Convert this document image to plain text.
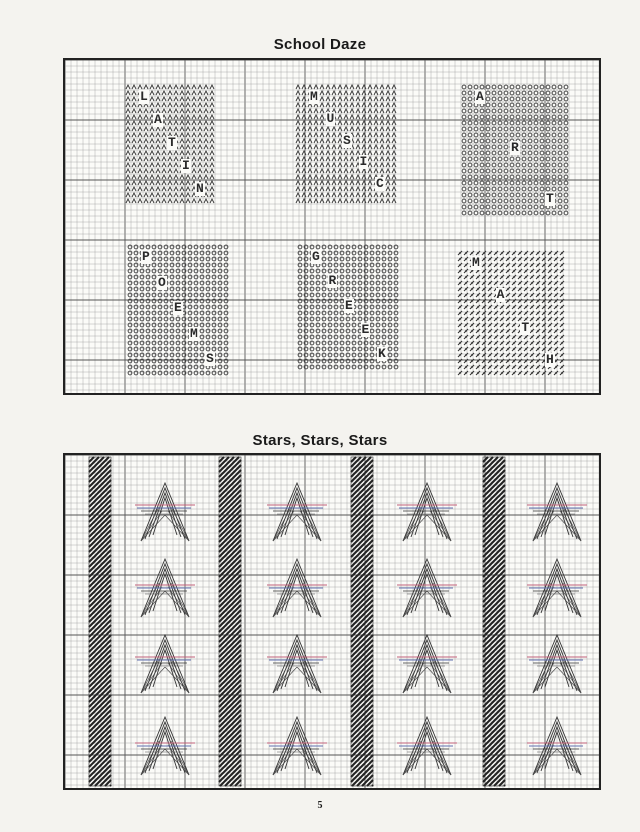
School Daze
L
A
T
I
N
M
U
S
I
C
A
R
T
P
O
E
M
S
G
R
E
E
K
M
A
T
H
Stars, Stars, Stars
5
